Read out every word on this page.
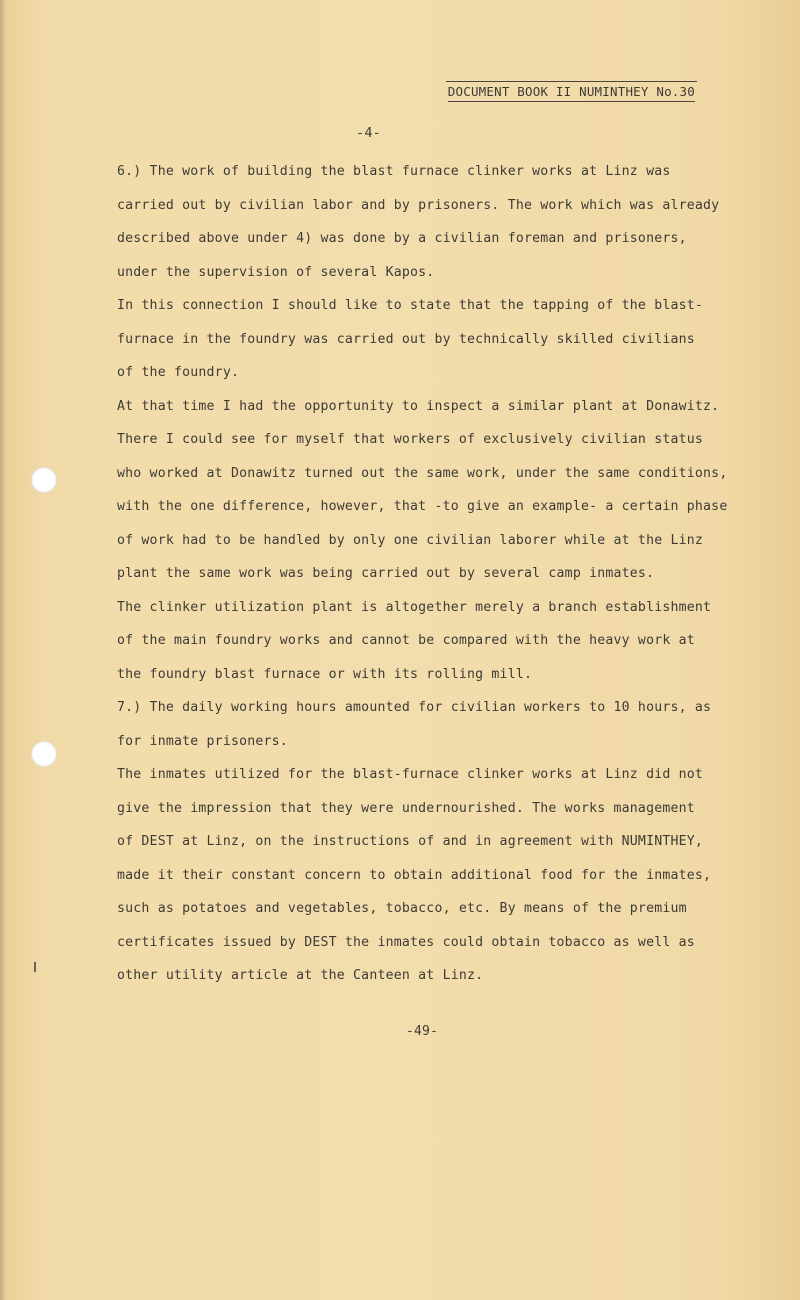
DOCUMENT BOOK II NUMINTHEY No.30
-4-
6.) The work of building the blast furnace clinker works at Linz was
carried out by civilian labor and by prisoners. The work which was already
described above under 4) was done by a civilian foreman and prisoners,
under the supervision of several Kapos.
In this connection I should like to state that the tapping of the blast-
furnace in the foundry was carried out by technically skilled civilians
of the foundry.
At that time I had the opportunity to inspect a similar plant at Donawitz.
There I could see for myself that workers of exclusively civilian status
who worked at Donawitz turned out the same work, under the same conditions,
with the one difference, however, that -to give an example- a certain phase
of work had to be handled by only one civilian laborer while at the Linz
plant the same work was being carried out by several camp inmates.
The clinker utilization plant is altogether merely a branch establishment
of the main foundry works and cannot be compared with the heavy work at
the foundry blast furnace or with its rolling mill.
7.) The daily working hours amounted for civilian workers to 10 hours, as
for inmate prisoners.
The inmates utilized for the blast-furnace clinker works at Linz did not
give the impression that they were undernourished. The works management
of DEST at Linz, on the instructions of and in agreement with NUMINTHEY,
made it their constant concern to obtain additional food for the inmates,
such as potatoes and vegetables, tobacco, etc. By means of the premium
certificates issued by DEST the inmates could obtain tobacco as well as
other utility article at the Canteen at Linz.
-49-
